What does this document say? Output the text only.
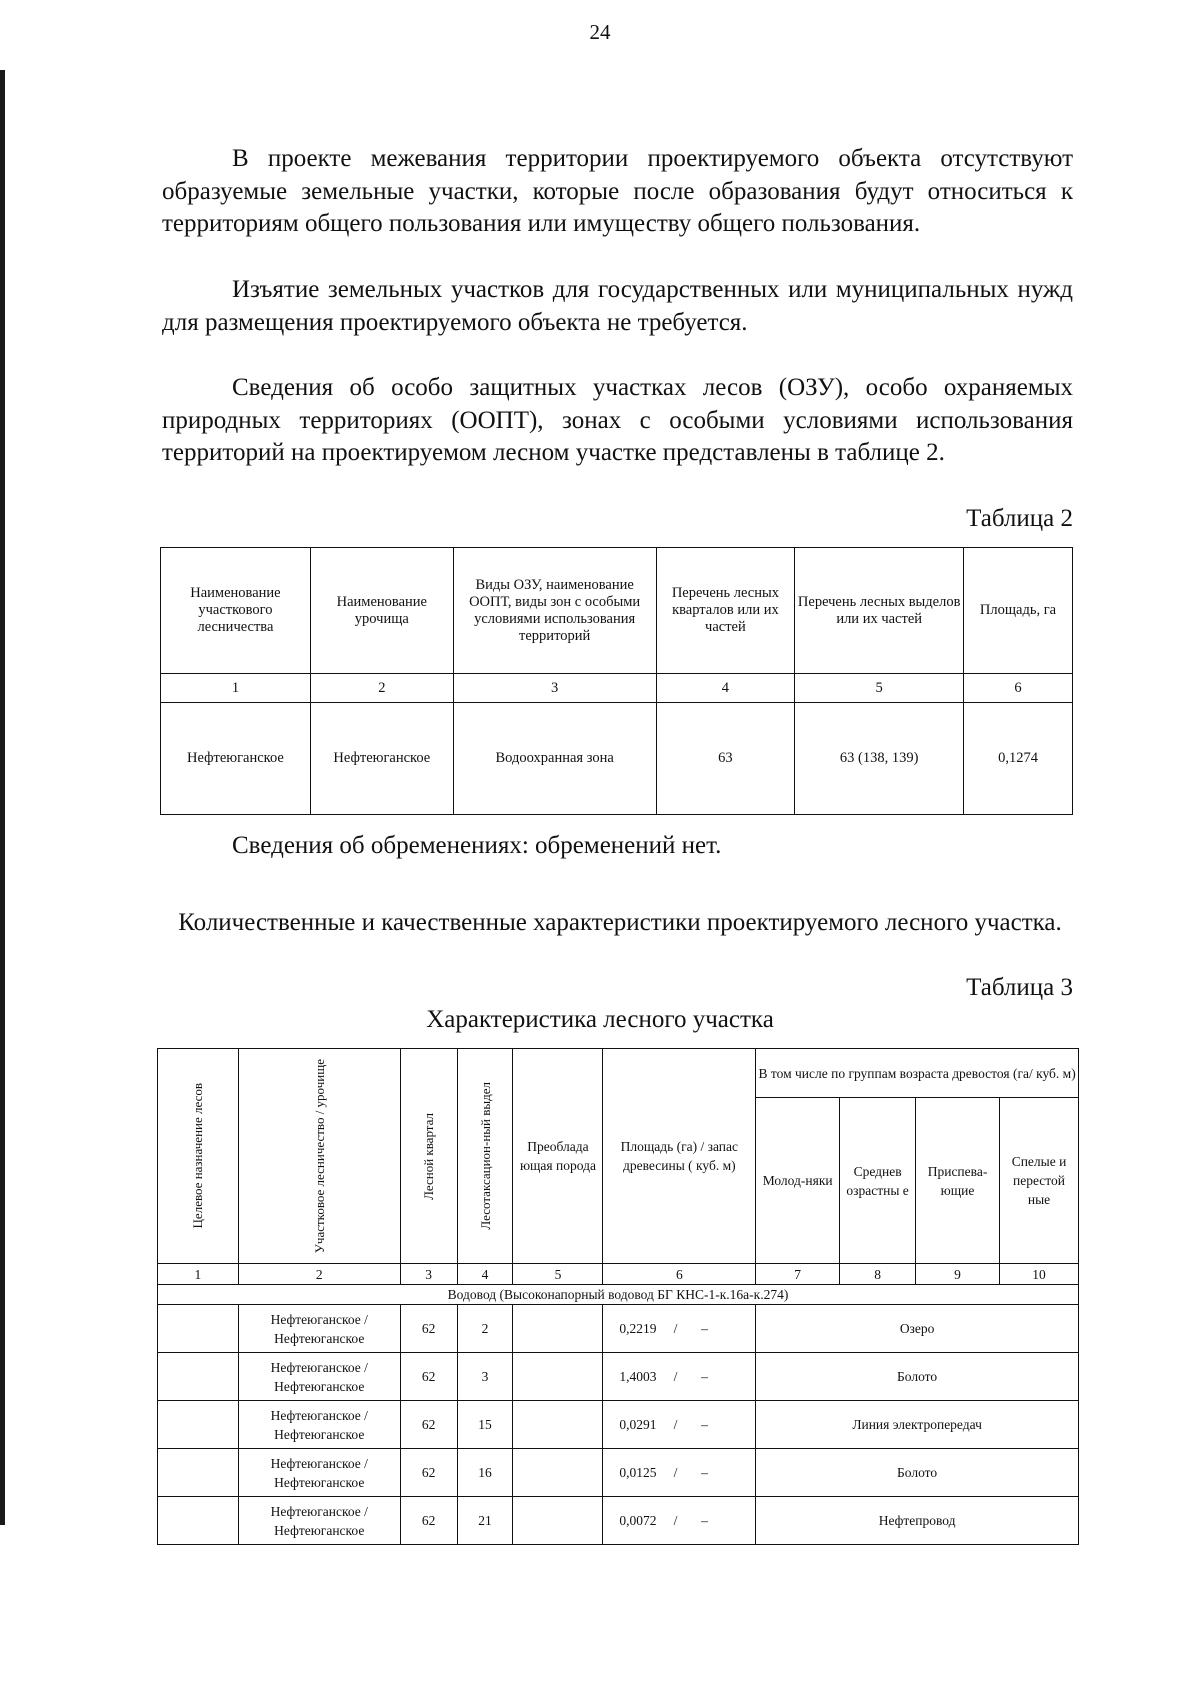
24

В проекте межевания территории проектируемого объекта отсутствуют образуемые земельные участки, которые после образования будут относиться к территориям общего пользования или имуществу общего пользования.

Изъятие земельных участков для государственных или муниципальных нужд для размещения проектируемого объекта не требуется.

Сведения об особо защитных участках лесов (ОЗУ), особо охраняемых природных территориях (ООПТ), зонах с особыми условиями использования территорий на проектируемом лесном участке представлены в таблице 2.

Таблица 2
Наименование участкового лесничества	Наименование урочища	Виды ОЗУ, наименование ООПТ, виды зон с особыми условиями использования территорий	Перечень лесных кварталов или их частей	Перечень лесных выделов или их частей	Площадь, га
1	2	3	4	5	6
Нефтеюганское	Нефтеюганское	Водоохранная зона	63	63 (138, 139)	0,1274

Сведения об обременениях: обременений нет.

Количественные и качественные характеристики проектируемого лесного участка.

Таблица 3
Характеристика лесного участка
Целевое назначение лесов	Участковое лесничество / урочище	Лесной квартал	Лесотаксацион-ный выдел	Преоблада ющая порода	Площадь (га) / запас древесины ( куб. м)	В том числе по группам возраста древостоя (га/ куб. м)			
						Молод-няки	Среднев озрастны е	Приспева-ющие	Спелые и перестой ные
1	2	3	4	5	6	7	8	9	10
Водовод (Высоконапорный водовод БГ КНС-1-к.16а-к.274)									
	Нефтеюганское / Нефтеюганское	62	2		0,2219 / –	Озеро			
	Нефтеюганское / Нефтеюганское	62	3		1,4003 / –	Болото			
	Нефтеюганское / Нефтеюганское	62	15		0,0291 / –	Линия электропередач			
	Нефтеюганское / Нефтеюганское	62	16		0,0125 / –	Болото			
	Нефтеюганское / Нефтеюганское	62	21		0,0072 / –	Нефтепровод			
